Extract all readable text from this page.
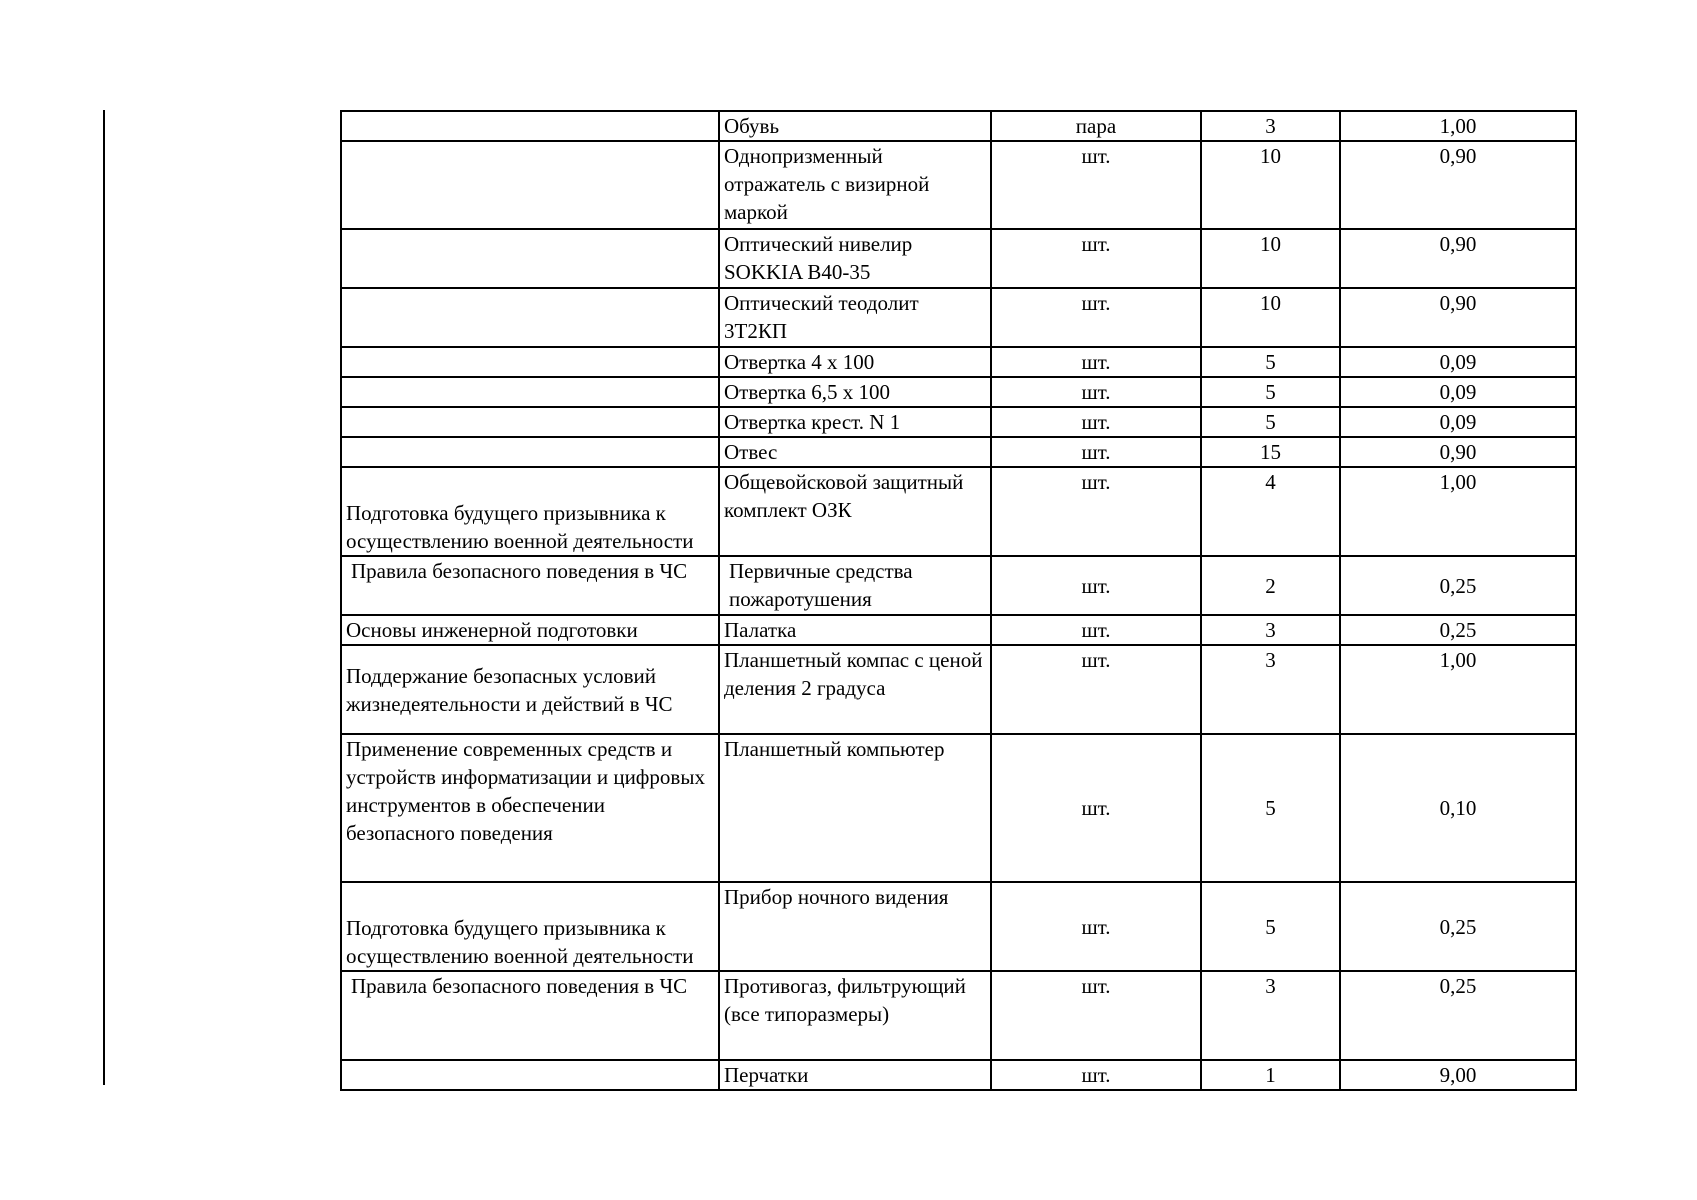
	Обувь	пара	3	1,00
	Однопризменный отражатель с визирной маркой	шт.	10	0,90
	Оптический нивелир SOKKIA B40-35	шт.	10	0,90
	Оптический теодолит 3Т2КП	шт.	10	0,90
	Отвертка 4 x 100	шт.	5	0,09
	Отвертка 6,5 x 100	шт.	5	0,09
	Отвертка крест. N 1	шт.	5	0,09
	Отвес	шт.	15	0,90
Подготовка будущего призывника к осуществлению военной деятельности	Общевойсковой защитный комплект ОЗК	шт.	4	1,00
Правила безопасного поведения в ЧС	Первичные средства пожаротушения	шт.	2	0,25
Основы инженерной подготовки	Палатка	шт.	3	0,25
Поддержание безопасных условий жизнедеятельности и действий в ЧС	Планшетный компас с ценой деления 2 градуса	шт.	3	1,00
Применение современных средств и устройств информатизации и цифровых инструментов в обеспечении безопасного поведения	Планшетный компьютер	шт.	5	0,10
Подготовка будущего призывника к осуществлению военной деятельности	Прибор ночного видения	шт.	5	0,25
Правила безопасного поведения в ЧС	Противогаз, фильтрующий (все типоразмеры)	шт.	3	0,25
	Перчатки	шт.	1	9,00
